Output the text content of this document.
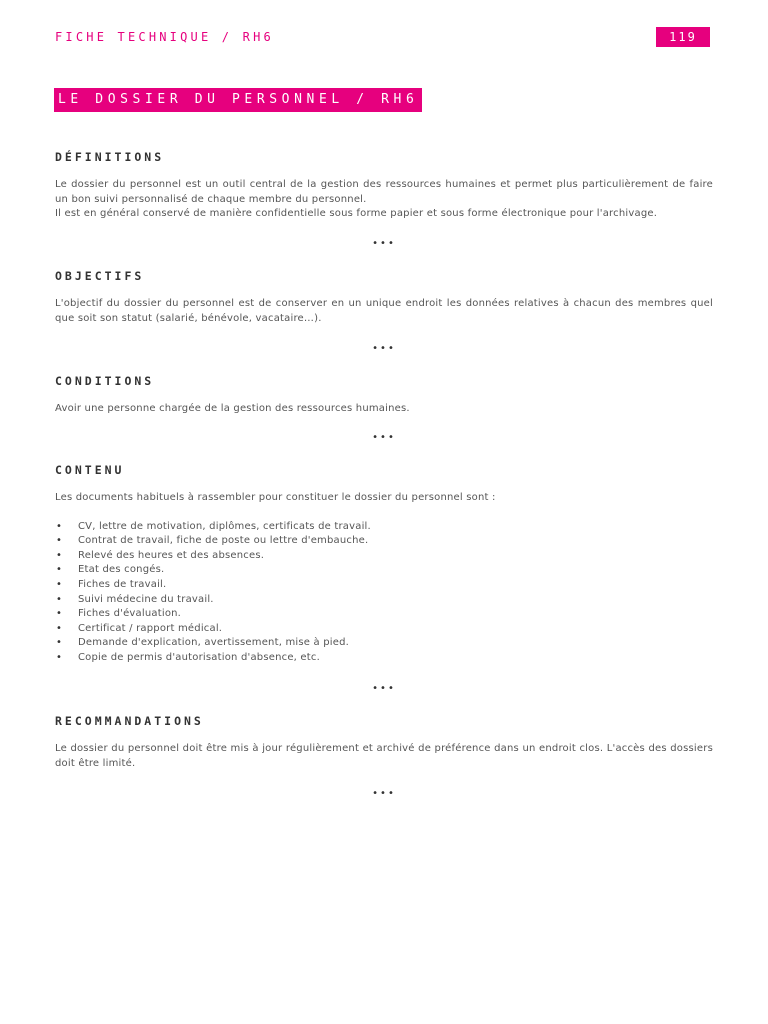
FICHE TECHNIQUE / RH6	119
LE DOSSIER DU PERSONNEL / RH6
DÉFINITIONS

Le dossier du personnel est un outil central de la gestion des ressources humaines et permet plus particulièrement de faire un bon suivi personnalisé de chaque membre du personnel.

Il est en général conservé de manière confidentielle sous forme papier et sous forme électronique pour l'archivage.

•••
OBJECTIFS

L'objectif du dossier du personnel est de conserver en un unique endroit les données relatives à chacun des membres quel que soit son statut (salarié, bénévole, vacataire…).

•••
CONDITIONS

Avoir une personne chargée de la gestion des ressources humaines.

•••
CONTENU

Les documents habituels à rassembler pour constituer le dossier du personnel sont :

• CV, lettre de motivation, diplômes, certificats de travail.
• Contrat de travail, fiche de poste ou lettre d'embauche.
• Relevé des heures et des absences.
• Etat des congés.
• Fiches de travail.
• Suivi médecine du travail.
• Fiches d'évaluation.
• Certificat / rapport médical.
• Demande d'explication, avertissement, mise à pied.
• Copie de permis d'autorisation d'absence, etc.
•••
RECOMMANDATIONS

Le dossier du personnel doit être mis à jour régulièrement et archivé de préférence dans un endroit clos. L'accès des dossiers doit être limité.

•••
